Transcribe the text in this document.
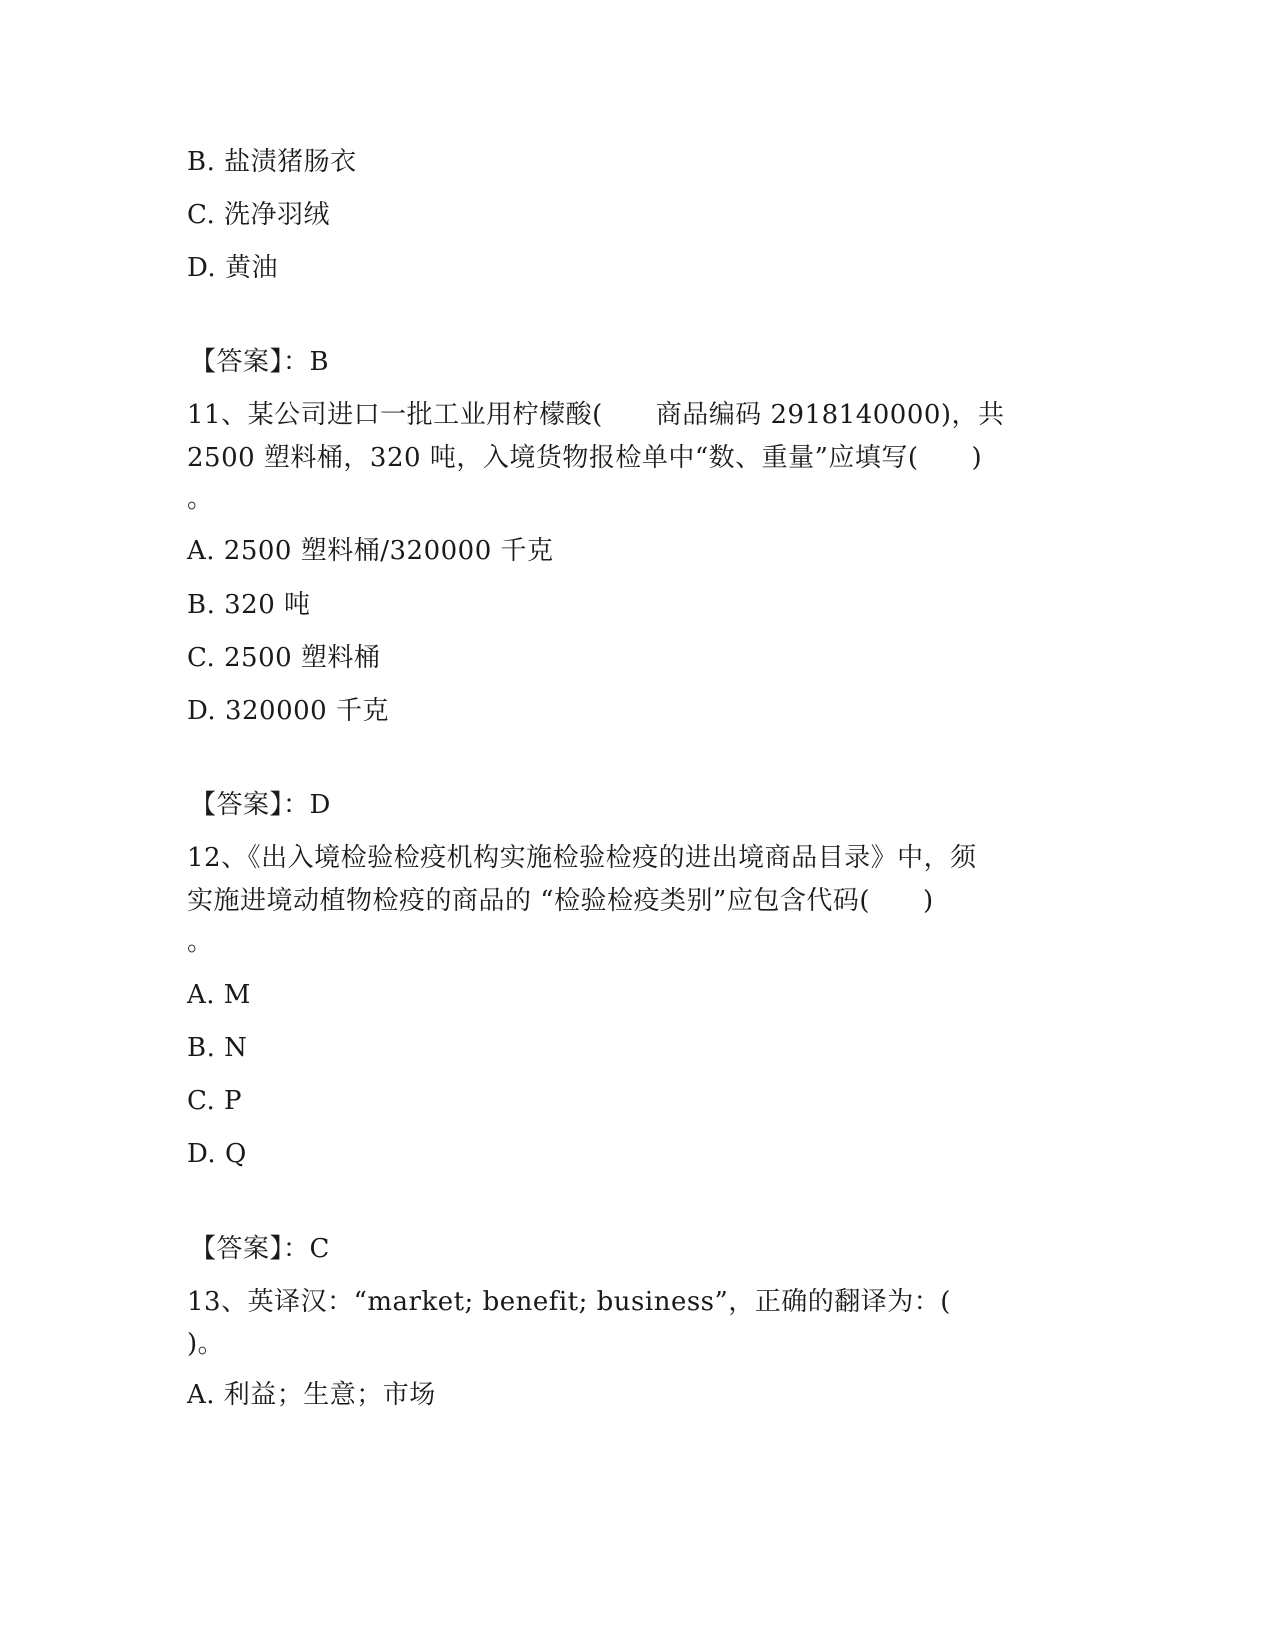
B. 盐渍猪肠衣
C. 洗净羽绒
D. 黄油
【答案】：B
11、某公司进口一批工业用柠檬酸(　　商品编码 2918140000)，共
2500 塑料桶，320 吨，入境货物报检单中“数、重量”应填写(　　)
。
A. 2500 塑料桶/320000 千克
B. 320 吨
C. 2500 塑料桶
D. 320000 千克
【答案】：D
12、《出入境检验检疫机构实施检验检疫的进出境商品目录》中，须
实施进境动植物检疫的商品的 “检验检疫类别”应包含代码(　　)
。
A. M
B. N
C. P
D. Q
【答案】：C
13、英译汉：“market; benefit; business”，正确的翻译为：(
)。
A. 利益；生意；市场
